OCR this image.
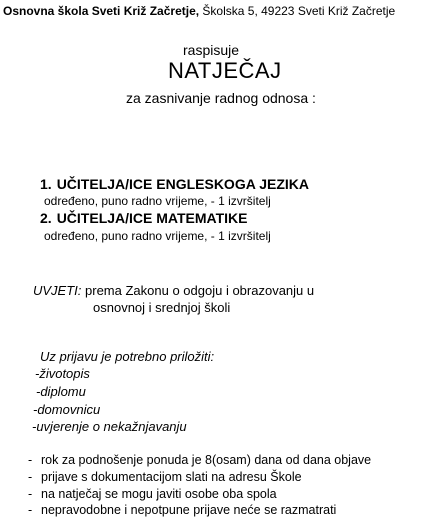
Osnovna škola Sveti Križ Začretje, Školska 5, 49223 Sveti Križ Začretje
raspisuje
NATJEČAJ
za zasnivanje radnog odnosa :
1. UČITELJA/ICE ENGLESKOGA JEZIKA
određeno, puno radno vrijeme, - 1 izvršitelj
2. UČITELJA/ICE MATEMATIKE
određeno, puno radno vrijeme, - 1 izvršitelj
UVJETI: prema Zakonu o odgoju i obrazovanju u
osnovnoj i srednjoj školi
Uz prijavu je potrebno priložiti:
-životopis
-diplomu
-domovnicu
-uvjerenje o nekažnjavanju
- rok za podnošenje ponuda je 8(osam) dana od dana objave
- prijave s dokumentacijom slati na adresu Škole
- na natječaj se mogu javiti osobe oba spola
- nepravodobne i nepotpune prijave neće se razmatrati
